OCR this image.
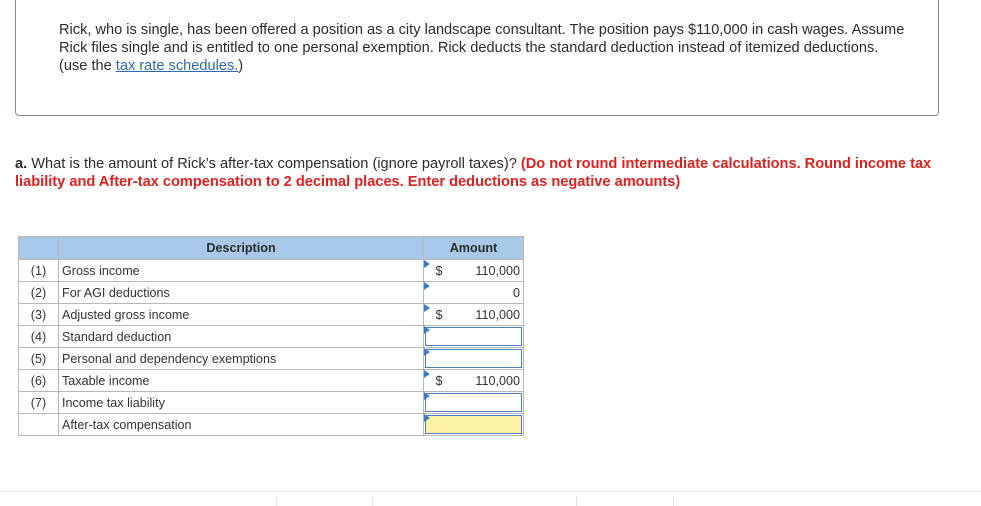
Rick, who is single, has been offered a position as a city landscape consultant. The position pays $110,000 in cash wages. Assume Rick files single and is entitled to one personal exemption. Rick deducts the standard deduction instead of itemized deductions. (use the tax rate schedules.)

a. What is the amount of Rick’s after-tax compensation (ignore payroll taxes)? (Do not round intermediate calculations. Round income tax liability and After-tax compensation to 2 decimal places. Enter deductions as negative amounts)
	Description	Amount
(1)	Gross income	$ 110,000

(2)	For AGI deductions	0

(3)	Adjusted gross income	$ 110,000

(4)	Standard deduction	

(5)	Personal and dependency exemptions	

(6)	Taxable income	$ 110,000

(7)	Income tax liability	

	After-tax compensation	
